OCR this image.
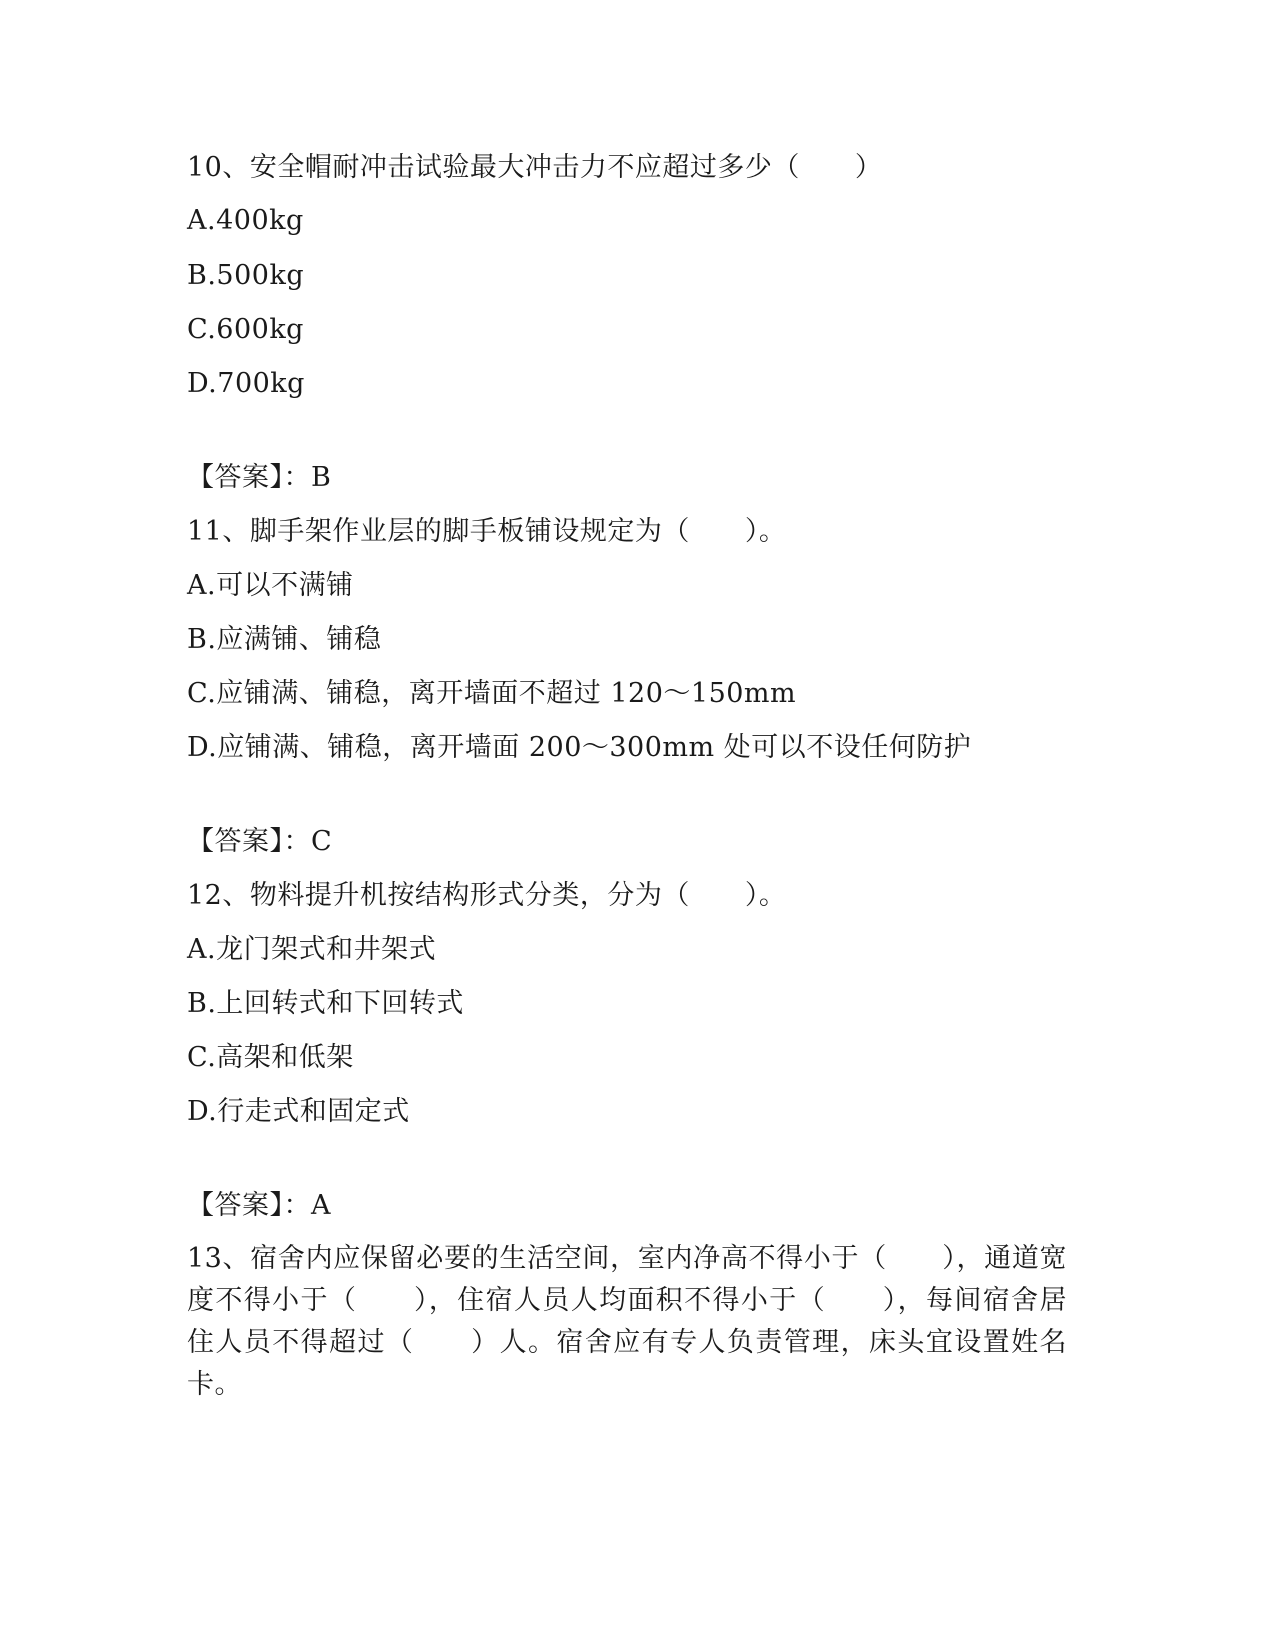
10、安全帽耐冲击试验最大冲击力不应超过多少（　　）
A.400kg
B.500kg
C.600kg
D.700kg
【答案】：B
11、脚手架作业层的脚手板铺设规定为（　　）。
A.可以不满铺
B.应满铺、铺稳
C.应铺满、铺稳，离开墙面不超过 120～150mm
D.应铺满、铺稳，离开墙面 200～300mm 处可以不设任何防护
【答案】：C
12、物料提升机按结构形式分类，分为（　　）。
A.龙门架式和井架式
B.上回转式和下回转式
C.高架和低架
D.行走式和固定式
【答案】：A
13、宿舍内应保留必要的生活空间，室内净高不得小于（　　），通道宽度不得小于（　　），住宿人员人均面积不得小于（　　），每间宿舍居住人员不得超过（　　）人。宿舍应有专人负责管理，床头宜设置姓名卡。
